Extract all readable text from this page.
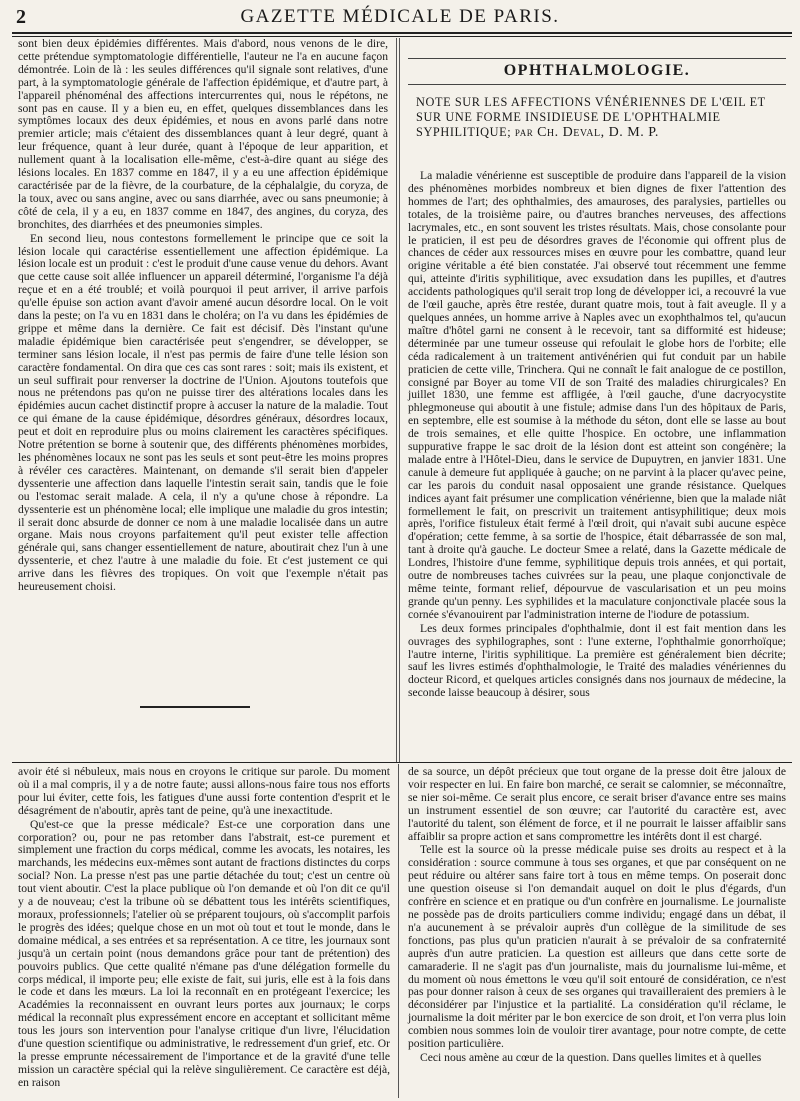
2	GAZETTE MÉDICALE DE PARIS.

sont bien deux épidémies différentes. Mais d'abord, nous venons de le dire, cette prétendue symptomatologie différentielle, l'auteur ne l'a en aucune façon démontrée. Loin de là : les seules différences qu'il signale sont relatives, d'une part, à la symptomatologie générale de l'affection épidémique, et d'autre part, à l'appareil phénoménal des affections intercurrentes qui, nous le répétons, ne sont pas en cause. Il y a bien eu, en effet, quelques dissemblances dans les symptômes locaux des deux épidémies, et nous en avons parlé dans notre premier article; mais c'étaient des dissemblances quant à leur degré, quant à leur fréquence, quant à leur durée, quant à l'époque de leur apparition, et nullement quant à la localisation elle-même, c'est-à-dire quant au siége des lésions locales. En 1837 comme en 1847, il y a eu une affection épidémique caractérisée par de la fièvre, de la courbature, de la céphalalgie, du coryza, de la toux, avec ou sans angine, avec ou sans diarrhée, avec ou sans pneumonie; à côté de cela, il y a eu, en 1837 comme en 1847, des angines, du coryza, des bronchites, des diarrhées et des pneumonies simples.

En second lieu, nous contestons formellement le principe que ce soit la lésion locale qui caractérise essentiellement une affection épidémique. La lésion locale est un produit : c'est le produit d'une cause venue du dehors. Avant que cette cause soit allée influencer un appareil déterminé, l'organisme l'a déjà reçue et en a été troublé; et voilà pourquoi il peut arriver, il arrive parfois qu'elle épuise son action avant d'avoir amené aucun désordre local. On le voit dans la peste; on l'a vu en 1831 dans le choléra; on l'a vu dans les épidémies de grippe et même dans la dernière. Ce fait est décisif. Dès l'instant qu'une maladie épidémique bien caractérisée peut s'engendrer, se développer, se terminer sans lésion locale, il n'est pas permis de faire d'une telle lésion son caractère fondamental. On dira que ces cas sont rares : soit; mais ils existent, et un seul suffirait pour renverser la doctrine de l'Union. Ajoutons toutefois que nous ne prétendons pas qu'on ne puisse tirer des altérations locales dans les épidémies aucun cachet distinctif propre à accuser la nature de la maladie. Tout ce qui émane de la cause épidémique, désordres généraux, désordres locaux, peut et doit en reproduire plus ou moins clairement les caractères spécifiques. Notre prétention se borne à soutenir que, des différents phénomènes morbides, les phénomènes locaux ne sont pas les seuls et sont peut-être les moins propres à révéler ces caractères. Maintenant, on demande s'il serait bien d'appeler dyssenterie une affection dans laquelle l'intestin serait sain, tandis que le foie ou l'estomac serait malade. A cela, il n'y a qu'une chose à répondre. La dyssenterie est un phénomène local; elle implique une maladie du gros intestin; il serait donc absurde de donner ce nom à une maladie localisée dans un autre organe. Mais nous croyons parfaitement qu'il peut exister telle affection générale qui, sans changer essentiellement de nature, aboutirait chez l'un à une dyssenterie, et chez l'autre à une maladie du foie. Et c'est justement ce qui arrive dans les fièvres des tropiques. On voit que l'exemple n'était pas heureusement choisi.

OPHTHALMOLOGIE.
NOTE SUR LES AFFECTIONS VÉNÉRIENNES DE L'ŒIL ET SUR UNE FORME INSIDIEUSE DE L'OPHTHALMIE SYPHILITIQUE; par Ch. Deval, D. M. P.

La maladie vénérienne est susceptible de produire dans l'appareil de la vision des phénomènes morbides nombreux et bien dignes de fixer l'attention des hommes de l'art; des ophthalmies, des amauroses, des paralysies, partielles ou totales, de la troisième paire, ou d'autres branches nerveuses, des affections lacrymales, etc., en sont souvent les tristes résultats. Mais, chose consolante pour le praticien, il est peu de désordres graves de l'économie qui offrent plus de chances de céder aux ressources mises en œuvre pour les combattre, quand leur origine véritable a été bien constatée. J'ai observé tout récemment une femme qui, atteinte d'iritis syphilitique, avec exsudation dans les pupilles, et d'autres accidents pathologiques qu'il serait trop long de développer ici, a recouvré la vue de l'œil gauche, après être restée, durant quatre mois, tout à fait aveugle. Il y a quelques années, un homme arrive à Naples avec un exophthalmos tel, qu'aucun maître d'hôtel garni ne consent à le recevoir, tant sa difformité est hideuse; déterminée par une tumeur osseuse qui refoulait le globe hors de l'orbite; elle céda radicalement à un traitement antivénérien qui fut conduit par un habile praticien de cette ville, Trinchera. Qui ne connaît le fait analogue de ce postillon, consigné par Boyer au tome VII de son Traité des maladies chirurgicales? En juillet 1830, une femme est affligée, à l'œil gauche, d'une dacryocystite phlegmoneuse qui aboutit à une fistule; admise dans l'un des hôpitaux de Paris, en septembre, elle est soumise à la méthode du séton, dont elle se lasse au bout de trois semaines, et elle quitte l'hospice. En octobre, une inflammation suppurative frappe le sac droit de la lésion dont est atteint son congénère; la malade entre à l'Hôtel-Dieu, dans le service de Dupuytren, en janvier 1831. Une canule à demeure fut appliquée à gauche; on ne parvint à la placer qu'avec peine, car les parois du conduit nasal opposaient une grande résistance. Quelques indices ayant fait présumer une complication vénérienne, bien que la malade niât formellement le fait, on prescrivit un traitement antisyphilitique; deux mois après, l'orifice fistuleux était fermé à l'œil droit, qui n'avait subi aucune espèce d'opération; cette femme, à sa sortie de l'hospice, était débarrassée de son mal, tant à droite qu'à gauche. Le docteur Smee a relaté, dans la Gazette médicale de Londres, l'histoire d'une femme, syphilitique depuis trois années, et qui portait, outre de nombreuses taches cuivrées sur la peau, une plaque conjonctivale de même teinte, formant relief, dépourvue de vascularisation et un peu moins grande qu'un penny. Les syphilides et la maculature conjonctivale placée sous la cornée s'évanouirent par l'administration interne de l'iodure de potassium.

Les deux formes principales d'ophthalmie, dont il est fait mention dans les ouvrages des syphilographes, sont : l'une externe, l'ophthalmie gonorrhoïque; l'autre interne, l'iritis syphilitique. La première est généralement bien décrite; sauf les livres estimés d'ophthalmologie, le Traité des maladies vénériennes du docteur Ricord, et quelques articles consignés dans nos journaux de médecine, la seconde laisse beaucoup à désirer, sous

avoir été si nébuleux, mais nous en croyons le critique sur parole. Du moment où il a mal compris, il y a de notre faute; aussi allons-nous faire tous nos efforts pour lui éviter, cette fois, les fatigues d'une aussi forte contention d'esprit et le désagrément de n'aboutir, après tant de peine, qu'à une inexactitude.

Qu'est-ce que la presse médicale? Est-ce une corporation dans une corporation? ou, pour ne pas retomber dans l'abstrait, est-ce purement et simplement une fraction du corps médical, comme les avocats, les notaires, les marchands, les médecins eux-mêmes sont autant de fractions distinctes du corps social? Non. La presse n'est pas une partie détachée du tout; c'est un centre où tout vient aboutir. C'est la place publique où l'on demande et où l'on dit ce qu'il y a de nouveau; c'est la tribune où se débattent tous les intérêts scientifiques, moraux, professionnels; l'atelier où se préparent toujours, où s'accomplit parfois le progrès des idées; quelque chose en un mot où tout et tout le monde, dans le domaine médical, a ses entrées et sa représentation. A ce titre, les journaux sont jusqu'à un certain point (nous demandons grâce pour tant de prétention) des pouvoirs publics. Que cette qualité n'émane pas d'une délégation formelle du corps médical, il importe peu; elle existe de fait, sui juris, elle est à la fois dans le code et dans les mœurs. La loi la reconnaît en en protégeant l'exercice; les Académies la reconnaissent en ouvrant leurs portes aux journaux; le corps médical la reconnaît plus expressément encore en acceptant et sollicitant même tous les jours son intervention pour l'analyse critique d'un livre, l'élucidation d'une question scientifique ou administrative, le redressement d'un grief, etc. Or la presse emprunte nécessairement de l'importance et de la gravité d'une telle mission un caractère spécial qui la relève singulièrement. Ce caractère est déjà, en raison

de sa source, un dépôt précieux que tout organe de la presse doit être jaloux de voir respecter en lui. En faire bon marché, ce serait se calomnier, se méconnaître, se nier soi-même. Ce serait plus encore, ce serait briser d'avance entre ses mains un instrument essentiel de son œuvre; car l'autorité du caractère est, avec l'autorité du talent, son élément de force, et il ne pourrait le laisser affaiblir sans affaiblir sa propre action et sans compromettre les intérêts dont il est chargé.

Telle est la source où la presse médicale puise ses droits au respect et à la considération : source commune à tous ses organes, et que par conséquent on ne peut réduire ou altérer sans faire tort à tous en même temps. On poserait donc une question oiseuse si l'on demandait auquel on doit le plus d'égards, d'un confrère en science et en pratique ou d'un confrère en journalisme. Le journaliste ne possède pas de droits particuliers comme individu; engagé dans un débat, il n'a aucunement à se prévaloir auprès d'un collègue de la similitude de ses fonctions, pas plus qu'un praticien n'aurait à se prévaloir de sa confraternité auprès d'un autre praticien. La question est ailleurs que dans cette sorte de camaraderie. Il ne s'agit pas d'un journaliste, mais du journalisme lui-même, et du moment où nous émettons le vœu qu'il soit entouré de considération, ce n'est pas pour donner raison à ceux de ses organes qui travailleraient des premiers à le déconsidérer par l'injustice et la partialité. La considération qu'il réclame, le journalisme la doit mériter par le bon exercice de son droit, et l'on verra plus loin combien nous sommes loin de vouloir tirer avantage, pour notre compte, de cette position particulière.

Ceci nous amène au cœur de la question. Dans quelles limites et à quelles
